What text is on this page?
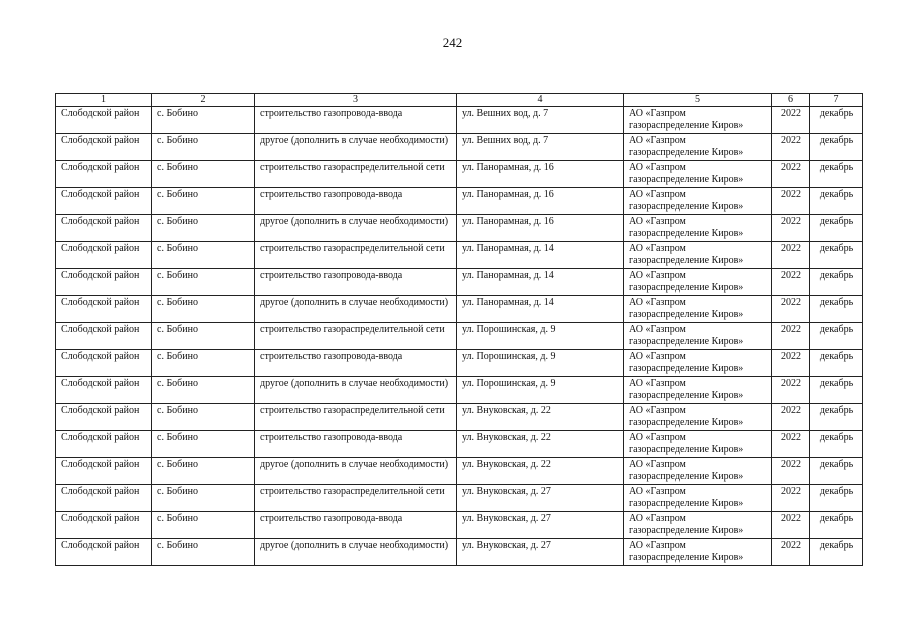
242
1	2	3	4	5	6	7
Слободской район	с. Бобино	строительство газопровода-ввода	ул. Вешних вод, д. 7	АО «Газпром газораспределение Киров»	2022	декабрь
Слободской район	с. Бобино	другое (дополнить в случае необходимости)	ул. Вешних вод, д. 7	АО «Газпром газораспределение Киров»	2022	декабрь
Слободской район	с. Бобино	строительство газораспределительной сети	ул. Панорамная, д. 16	АО «Газпром газораспределение Киров»	2022	декабрь
Слободской район	с. Бобино	строительство газопровода-ввода	ул. Панорамная, д. 16	АО «Газпром газораспределение Киров»	2022	декабрь
Слободской район	с. Бобино	другое (дополнить в случае необходимости)	ул. Панорамная, д. 16	АО «Газпром газораспределение Киров»	2022	декабрь
Слободской район	с. Бобино	строительство газораспределительной сети	ул. Панорамная, д. 14	АО «Газпром газораспределение Киров»	2022	декабрь
Слободской район	с. Бобино	строительство газопровода-ввода	ул. Панорамная, д. 14	АО «Газпром газораспределение Киров»	2022	декабрь
Слободской район	с. Бобино	другое (дополнить в случае необходимости)	ул. Панорамная, д. 14	АО «Газпром газораспределение Киров»	2022	декабрь
Слободской район	с. Бобино	строительство газораспределительной сети	ул. Порошинская, д. 9	АО «Газпром газораспределение Киров»	2022	декабрь
Слободской район	с. Бобино	строительство газопровода-ввода	ул. Порошинская, д. 9	АО «Газпром газораспределение Киров»	2022	декабрь
Слободской район	с. Бобино	другое (дополнить в случае необходимости)	ул. Порошинская, д. 9	АО «Газпром газораспределение Киров»	2022	декабрь
Слободской район	с. Бобино	строительство газораспределительной сети	ул. Внуковская, д. 22	АО «Газпром газораспределение Киров»	2022	декабрь
Слободской район	с. Бобино	строительство газопровода-ввода	ул. Внуковская, д. 22	АО «Газпром газораспределение Киров»	2022	декабрь
Слободской район	с. Бобино	другое (дополнить в случае необходимости)	ул. Внуковская, д. 22	АО «Газпром газораспределение Киров»	2022	декабрь
Слободской район	с. Бобино	строительство газораспределительной сети	ул. Внуковская, д. 27	АО «Газпром газораспределение Киров»	2022	декабрь
Слободской район	с. Бобино	строительство газопровода-ввода	ул. Внуковская, д. 27	АО «Газпром газораспределение Киров»	2022	декабрь
Слободской район	с. Бобино	другое (дополнить в случае необходимости)	ул. Внуковская, д. 27	АО «Газпром газораспределение Киров»	2022	декабрь
